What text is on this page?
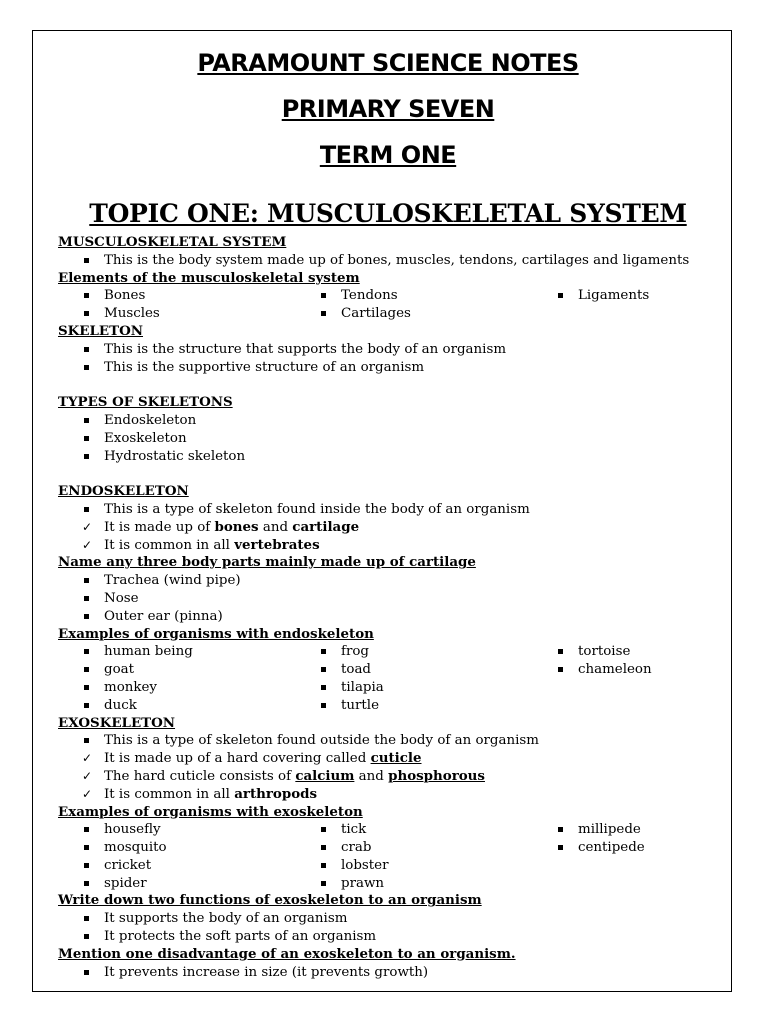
PARAMOUNT SCIENCE NOTES
PRIMARY SEVEN
TERM ONE
TOPIC ONE: MUSCULOSKELETAL SYSTEM
MUSCULOSKELETAL SYSTEM
This is the body system made up of bones, muscles, tendons, cartilages and ligaments
Elements of the musculoskeletal system
Bones
Muscles
Tendons
Cartilages
Ligaments
SKELETON
This is the structure that supports the body of an organism
This is the supportive structure of an organism
TYPES OF SKELETONS
Endoskeleton
Exoskeleton
Hydrostatic skeleton
ENDOSKELETON
This is a type of skeleton found inside the body of an organism
✓ It is made up of bones and cartilage
✓ It is common in all vertebrates
Name any three body parts mainly made up of cartilage
Trachea (wind pipe)
Nose
Outer ear (pinna)
Examples of organisms with endoskeleton
human being
goat
monkey
duck
frog
toad
tilapia
turtle
tortoise
chameleon
EXOSKELETON
This is a type of skeleton found outside the body of an organism
✓ It is made up of a hard covering called cuticle
✓ The hard cuticle consists of calcium and phosphorous
✓ It is common in all arthropods
Examples of organisms with exoskeleton
housefly
mosquito
cricket
spider
tick
crab
lobster
prawn
millipede
centipede
Write down two functions of exoskeleton to an organism
It supports the body of an organism
It protects the soft parts of an organism
Mention one disadvantage of an exoskeleton to an organism.
It prevents increase in size (it prevents growth)
